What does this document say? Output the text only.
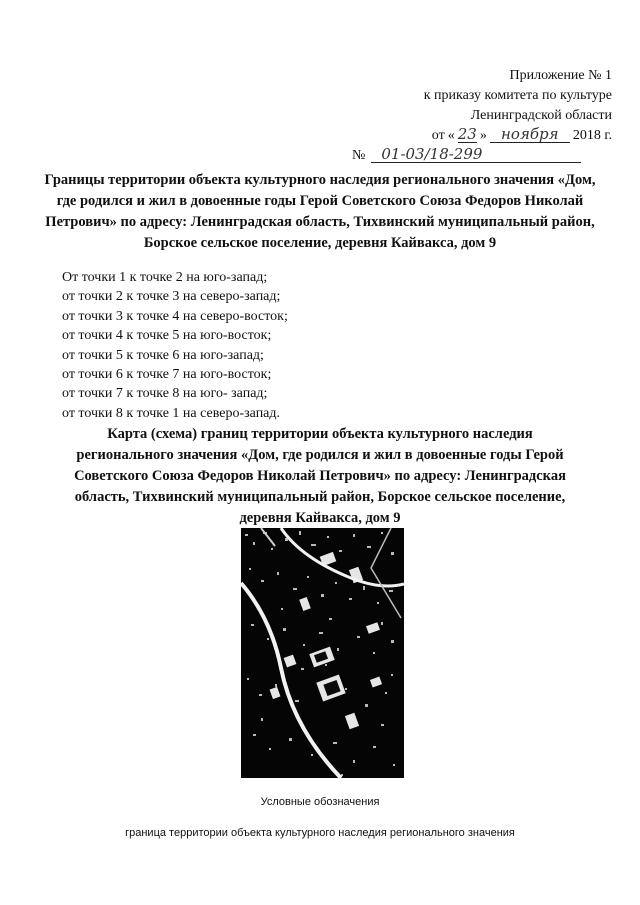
Приложение № 1
к приказу комитета по культуре
Ленинградской области
от « 23 » ноября	2018 г.
№	01-03/18-299
Границы территории объекта культурного наследия регионального значения «Дом, где родился и жил в довоенные годы Герой Советского Союза Федоров Николай Петрович» по адресу: Ленинградская область, Тихвинский муниципальный район, Борское сельское поселение, деревня Кайвакса, дом 9
От точки 1 к точке 2 на юго-запад;
от точки 2 к точке 3 на северо-запад;
от точки 3 к точке 4 на северо-восток;
от точки 4 к точке 5 на юго-восток;
от точки 5 к точке 6 на юго-запад;
от точки 6 к точке 7 на юго-восток;
от точки 7 к точке 8 на юго- запад;
от точки 8 к точке 1 на северо-запад.
Карта (схема) границ территории объекта культурного наследия регионального значения «Дом, где родился и жил в довоенные годы Герой Советского Союза Федоров Николай Петрович» по адресу: Ленинградская область, Тихвинский муниципальный район, Борское сельское поселение, деревня Кайвакса, дом 9
Условные обозначения
граница территории объекта культурного наследия регионального значения
